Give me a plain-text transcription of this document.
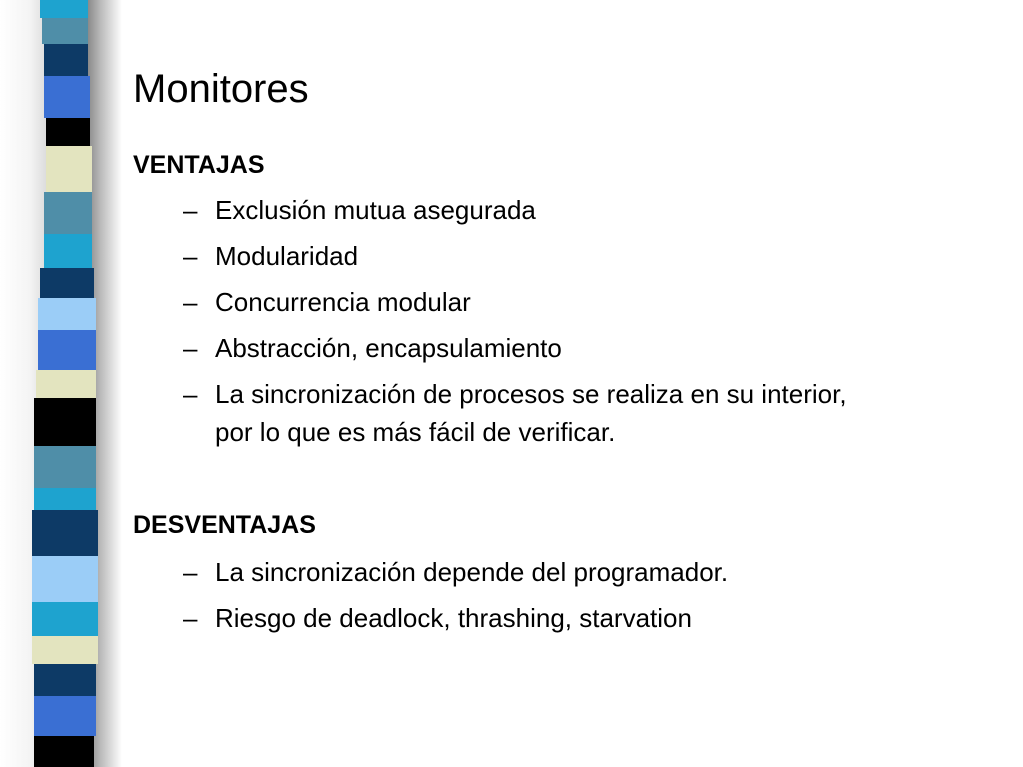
Monitores
VENTAJAS
– Exclusión mutua asegurada
– Modularidad
– Concurrencia modular
– Abstracción, encapsulamiento
– La sincronización de procesos se realiza en su interior, por lo que es más fácil de verificar.
DESVENTAJAS
– La sincronización depende del programador.
– Riesgo de deadlock, thrashing, starvation
